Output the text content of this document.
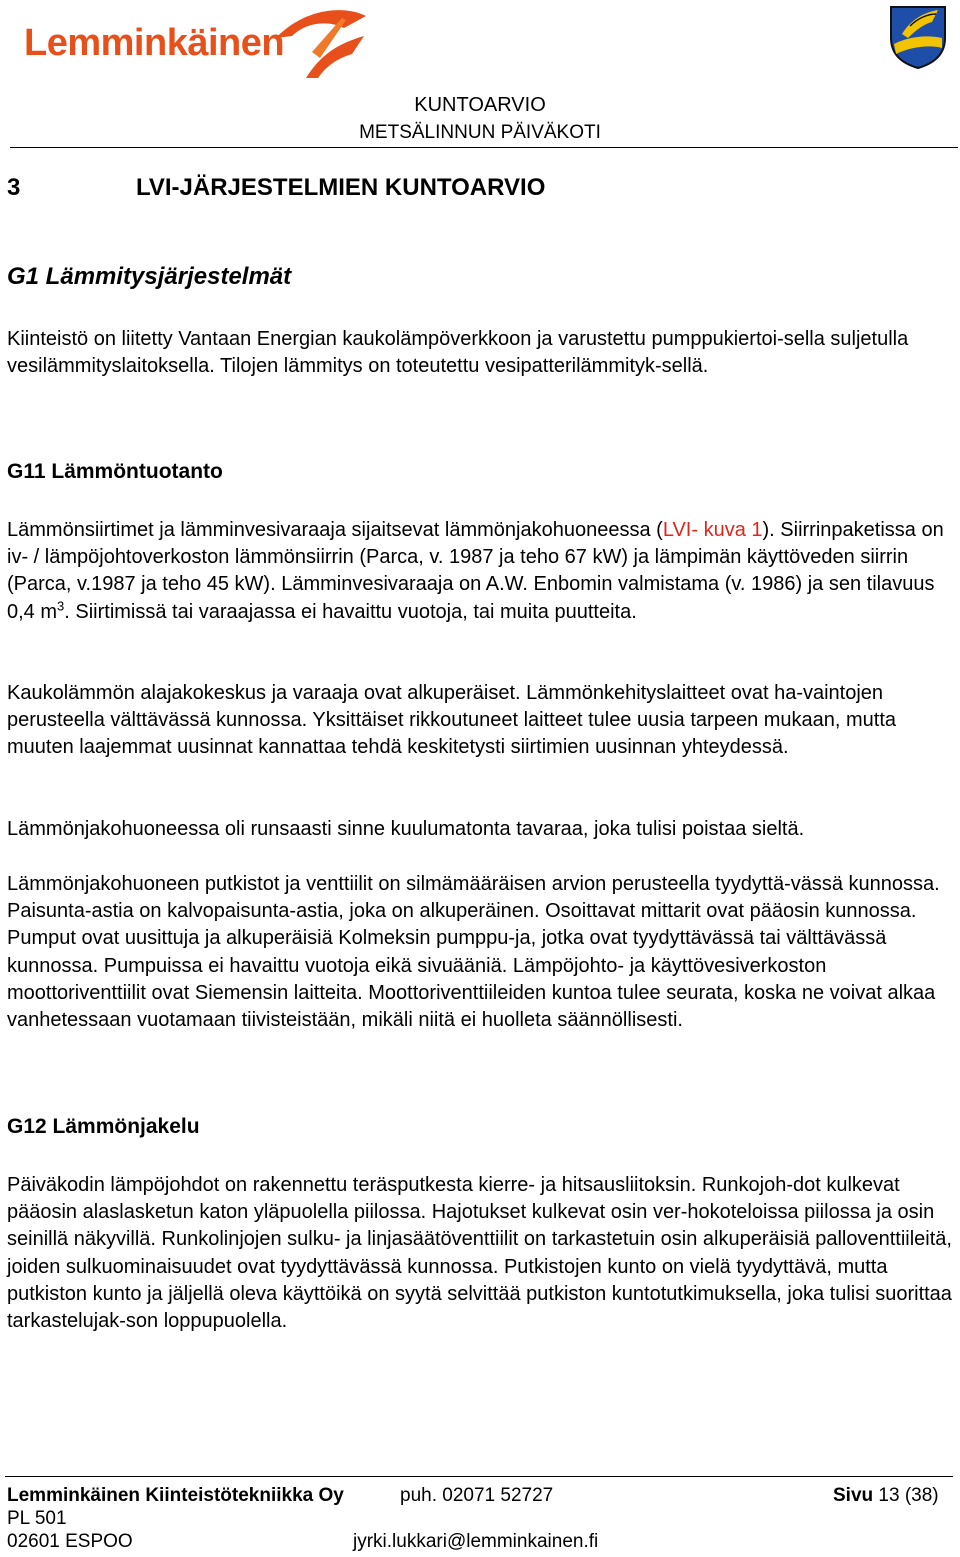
Lemminkäinen
KUNTOARVIO
METSÄLINNUN PÄIVÄKOTI
3	LVI-JÄRJESTELMIEN KUNTOARVIO
G1 Lämmitysjärjestelmät

Kiinteistö on liitetty Vantaan Energian kaukolämpöverkkoon ja varustettu pumppukiertoi-sella suljetulla vesilämmityslaitoksella. Tilojen lämmitys on toteutettu vesipatterilämmityk-sellä.

G11 Lämmöntuotanto

Lämmönsiirtimet ja lämminvesivaraaja sijaitsevat lämmönjakohuoneessa (LVI- kuva 1). Siirrinpaketissa on iv- / lämpöjohtoverkoston lämmönsiirrin (Parca, v. 1987 ja teho 67 kW) ja lämpimän käyttöveden siirrin (Parca, v.1987 ja teho 45 kW). Lämminvesivaraaja on A.W. Enbomin valmistama (v. 1986) ja sen tilavuus 0,4 $m^3$. Siirtimissä tai varaajassa ei havaittu vuotoja, tai muita puutteita.

Kaukolämmön alajakokeskus ja varaaja ovat alkuperäiset. Lämmönkehityslaitteet ovat ha-vaintojen perusteella välttävässä kunnossa. Yksittäiset rikkoutuneet laitteet tulee uusia tarpeen mukaan, mutta muuten laajemmat uusinnat kannattaa tehdä keskitetysti siirtimien uusinnan yhteydessä.

Lämmönjakohuoneessa oli runsaasti sinne kuulumatonta tavaraa, joka tulisi poistaa sieltä.

Lämmönjakohuoneen putkistot ja venttiilit on silmämääräisen arvion perusteella tyydyttä-vässä kunnossa. Paisunta-astia on kalvopaisunta-astia, joka on alkuperäinen. Osoittavat mittarit ovat pääosin kunnossa. Pumput ovat uusittuja ja alkuperäisiä Kolmeksin pumppu-ja, jotka ovat tyydyttävässä tai välttävässä kunnossa. Pumpuissa ei havaittu vuotoja eikä sivuääniä. Lämpöjohto- ja käyttövesiverkoston moottoriventtiilit ovat Siemensin laitteita. Moottoriventtiileiden kuntoa tulee seurata, koska ne voivat alkaa vanhetessaan vuotamaan tiivisteistään, mikäli niitä ei huolleta säännöllisesti.

G12 Lämmönjakelu

Päiväkodin lämpöjohdot on rakennettu teräsputkesta kierre- ja hitsausliitoksin. Runkojoh-dot kulkevat pääosin alaslasketun katon yläpuolella piilossa. Hajotukset kulkevat osin ver-hokoteloissa piilossa ja osin seinillä näkyvillä. Runkolinjojen sulku- ja linjasäätöventtiilit on tarkastetuin osin alkuperäisiä palloventtiileitä, joiden sulkuominaisuudet ovat tyydyttävässä kunnossa. Putkistojen kunto on vielä tyydyttävä, mutta putkiston kunto ja jäljellä oleva käyttöikä on syytä selvittää putkiston kuntotutkimuksella, joka tulisi suorittaa tarkastelujak-son loppupuolella.

Lemminkäinen Kiinteistötekniikka Oy
PL 501
02601 ESPOO
puh. 02071 52727
jyrki.lukkari@lemminkainen.fi
Sivu 13 (38)
